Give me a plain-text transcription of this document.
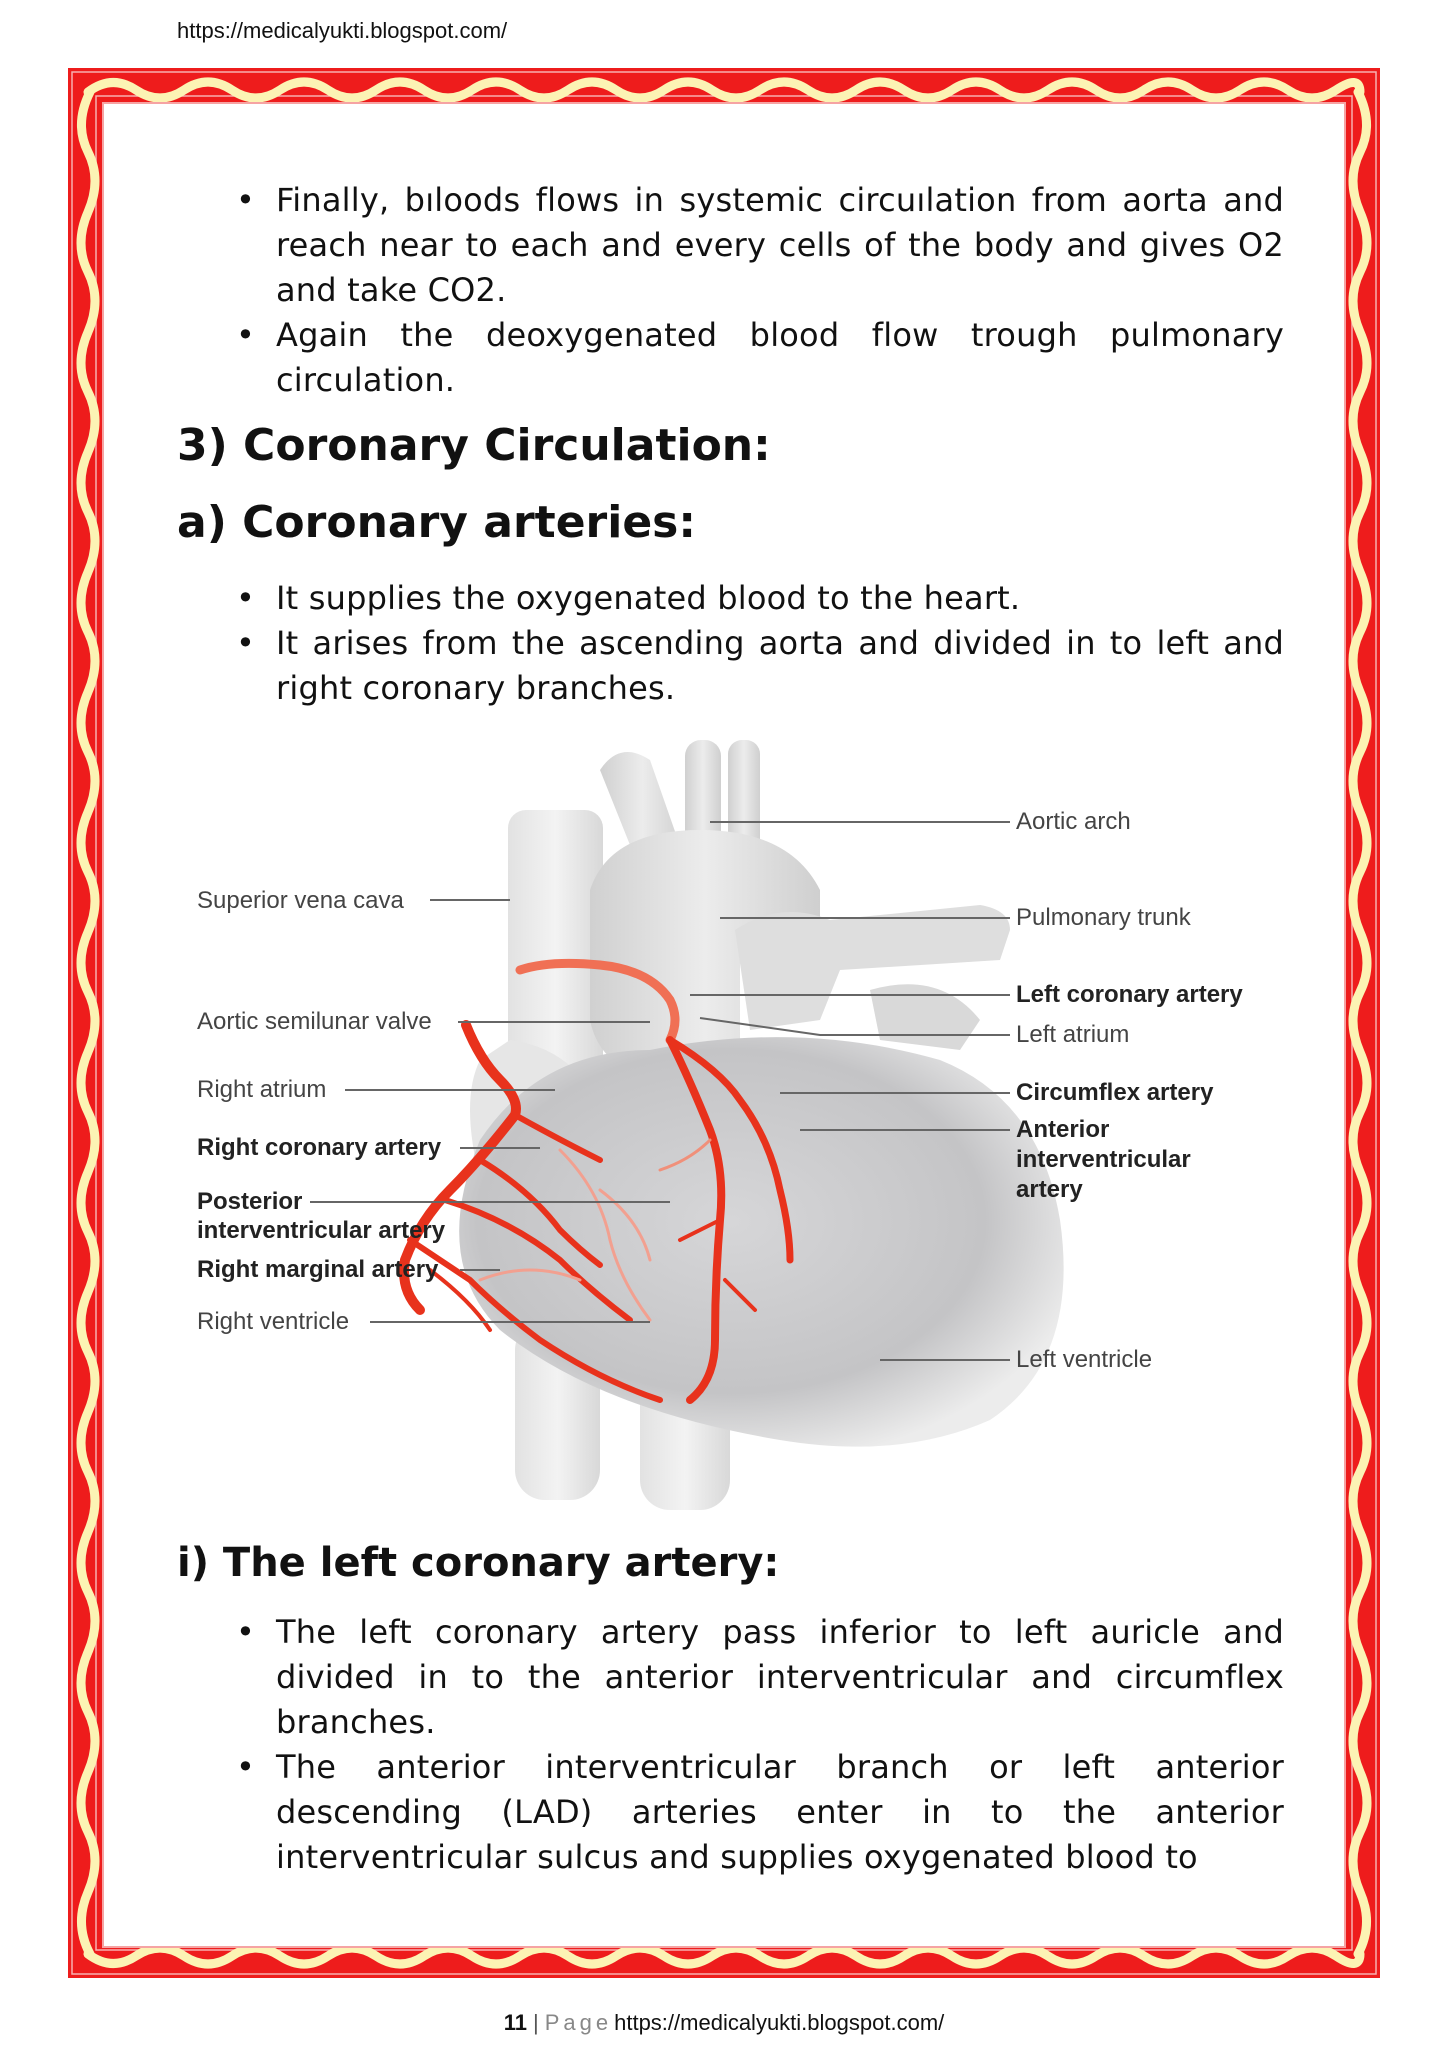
https://medicalyukti.blogspot.com/
• Finally, bıloods flows in systemic circuılation from aorta and reach near to each and every cells of the body and gives O2 and take CO2.
• Again the deoxygenated blood flow trough pulmonary circulation.
3) Coronary Circulation:
a) Coronary arteries:
• It supplies the oxygenated blood to the heart.
• It arises from the ascending aorta and divided in to left and right coronary branches.
Superior vena cava
Aortic semilunar valve
Right atrium
Right coronary artery
Posterior
interventricular artery
Right marginal artery
Right ventricle
Aortic arch
Pulmonary trunk
Left coronary artery
Left atrium
Circumflex artery
Anterior
interventricular
artery
Left ventricle
i) The left coronary artery:
• The left coronary artery pass inferior to left auricle and divided in to the anterior interventricular and circumflex branches.
• The anterior interventricular branch or left anterior descending (LAD) arteries enter in to the anterior interventricular sulcus and supplies oxygenated blood to
11 | Pagehttps://medicalyukti.blogspot.com/
